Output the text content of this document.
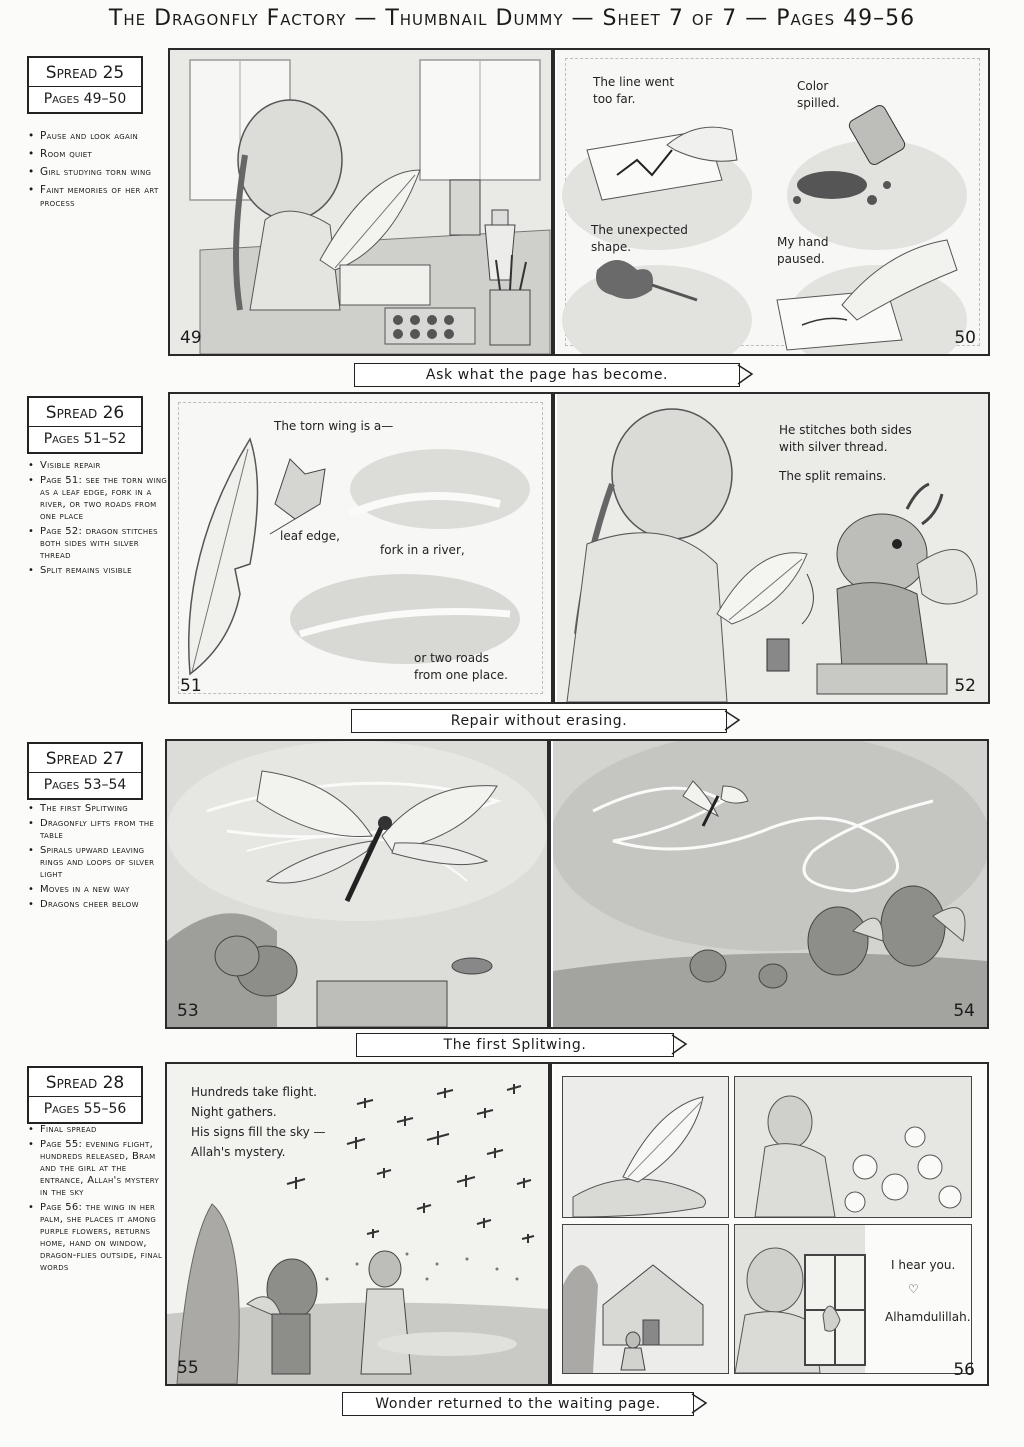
The Dragonfly Factory — Thumbnail Dummy — Sheet 7 of 7 — Pages 49–56
Spread 25
Pages 49–50
• Pause and look again
• Room quiet
• Girl studying torn wing
• Faint memories of her art process
49
The line went too far.
Color spilled.
The unexpected shape.	My hand paused.
50
Ask what the page has become.
Spread 26
Pages 51–52
• Visible repair
• Page 51: see the torn wing as a leaf edge, fork in a river, or two roads from one place
• Page 52: dragon stitches both sides with silver thread
• Split remains visible
The torn wing is a—
leaf edge,
fork in a river,
or two roads from one place.
51
He stitches both sides with silver thread.
The split remains.
52
Repair without erasing.
Spread 27
Pages 53–54
• The first Splitwing
• Dragonfly lifts from the table
• Spirals upward leaving rings and loops of silver light
• Moves in a new way
• Dragons cheer below
53	54
The first Splitwing.
Spread 28
Pages 55–56
• Final spread
• Page 55: evening flight, hundreds released, Bram and the girl at the entrance, Allah's mystery in the sky
• Page 56: the wing in her palm, she places it among purple flowers, returns home, hand on window, dragon-flies outside, final words
Hundreds take flight.
Night gathers.
His signs fill the sky —
Allah's mystery.
55
I hear you.
♡
Alhamdulillah.
56
Wonder returned to the waiting page.
